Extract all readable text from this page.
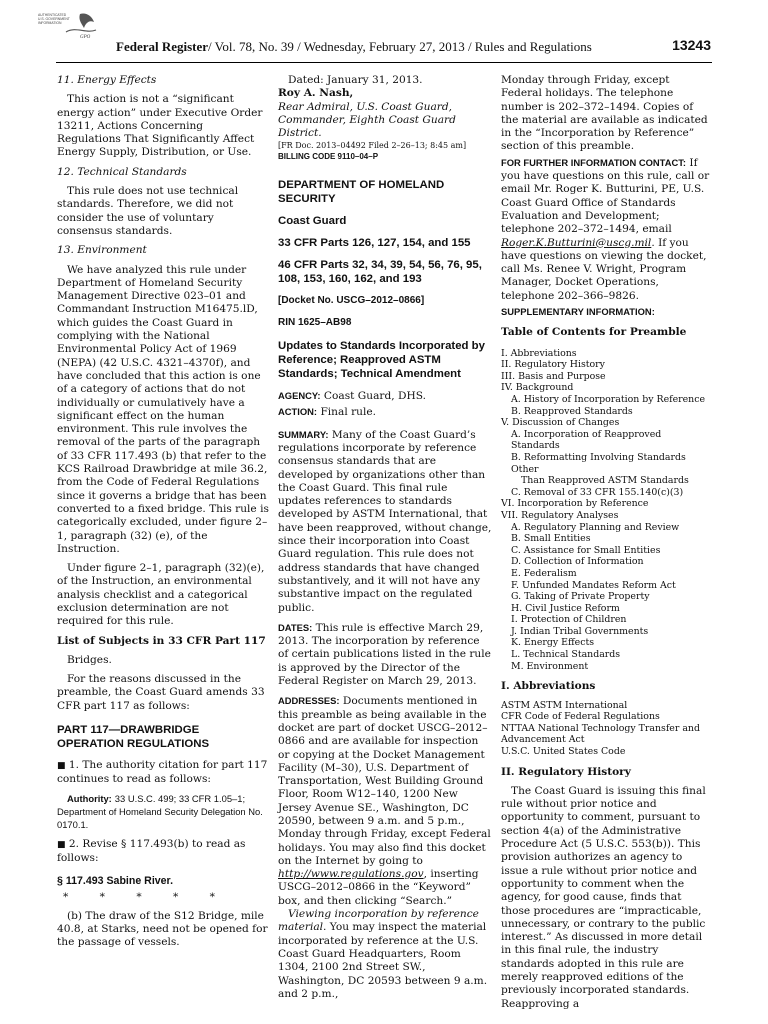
AUTHENTICATED
U.S. GOVERNMENT
INFORMATION
GPO
Federal Register/ Vol. 78, No. 39 / Wednesday, February 27, 2013 / Rules and Regulations	13243

11. Energy Effects

This action is not a “significant energy action” under Executive Order 13211, Actions Concerning Regulations That Significantly Affect Energy Supply, Distribution, or Use.

12. Technical Standards

This rule does not use technical standards. Therefore, we did not consider the use of voluntary consensus standards.

13. Environment

We have analyzed this rule under Department of Homeland Security Management Directive 023–01 and Commandant Instruction M16475.lD, which guides the Coast Guard in complying with the National Environmental Policy Act of 1969 (NEPA) (42 U.S.C. 4321–4370f), and have concluded that this action is one of a category of actions that do not individually or cumulatively have a significant effect on the human environment. This rule involves the removal of the parts of the paragraph of 33 CFR 117.493 (b) that refer to the KCS Railroad Drawbridge at mile 36.2, from the Code of Federal Regulations since it governs a bridge that has been converted to a fixed bridge. This rule is categorically excluded, under figure 2–1, paragraph (32) (e), of the Instruction.

Under figure 2–1, paragraph (32)(e), of the Instruction, an environmental analysis checklist and a categorical exclusion determination are not required for this rule.

List of Subjects in 33 CFR Part 117

Bridges.

For the reasons discussed in the preamble, the Coast Guard amends 33 CFR part 117 as follows:

PART 117—DRAWBRIDGE OPERATION REGULATIONS

■ 1. The authority citation for part 117 continues to read as follows:

Authority: 33 U.S.C. 499; 33 CFR 1.05–1; Department of Homeland Security Delegation No. 0170.1.

■ 2. Revise § 117.493(b) to read as follows:

§ 117.493 Sabine River.

* * * * *

(b) The draw of the S12 Bridge, mile 40.8, at Starks, need not be opened for the passage of vessels.

Dated: January 31, 2013.

Roy A. Nash,

Rear Admiral, U.S. Coast Guard, Commander, Eighth Coast Guard District.

[FR Doc. 2013–04492 Filed 2–26–13; 8:45 am]

BILLING CODE 9110–04–P

DEPARTMENT OF HOMELAND SECURITY

Coast Guard

33 CFR Parts 126, 127, 154, and 155

46 CFR Parts 32, 34, 39, 54, 56, 76, 95, 108, 153, 160, 162, and 193

[Docket No. USCG–2012–0866]

RIN 1625–AB98

Updates to Standards Incorporated by Reference; Reapproved ASTM Standards; Technical Amendment

AGENCY: Coast Guard, DHS.

ACTION: Final rule.

SUMMARY: Many of the Coast Guard’s regulations incorporate by reference consensus standards that are developed by organizations other than the Coast Guard. This final rule updates references to standards developed by ASTM International, that have been reapproved, without change, since their incorporation into Coast Guard regulation. This rule does not address standards that have changed substantively, and it will not have any substantive impact on the regulated public.

DATES: This rule is effective March 29, 2013. The incorporation by reference of certain publications listed in the rule is approved by the Director of the Federal Register on March 29, 2013.

ADDRESSES: Documents mentioned in this preamble as being available in the docket are part of docket USCG–2012–0866 and are available for inspection or copying at the Docket Management Facility (M–30), U.S. Department of Transportation, West Building Ground Floor, Room W12–140, 1200 New Jersey Avenue SE., Washington, DC 20590, between 9 a.m. and 5 p.m., Monday through Friday, except Federal holidays. You may also find this docket on the Internet by going to http://www.regulations.gov, inserting USCG–2012–0866 in the “Keyword” box, and then clicking “Search.”

Viewing incorporation by reference material. You may inspect the material incorporated by reference at the U.S. Coast Guard Headquarters, Room 1304, 2100 2nd Street SW., Washington, DC 20593 between 9 a.m. and 2 p.m.,

Monday through Friday, except Federal holidays. The telephone number is 202–372–1494. Copies of the material are available as indicated in the “Incorporation by Reference” section of this preamble.

FOR FURTHER INFORMATION CONTACT: If you have questions on this rule, call or email Mr. Roger K. Butturini, PE, U.S. Coast Guard Office of Standards Evaluation and Development; telephone 202–372–1494, email Roger.K.Butturini@uscg.mil. If you have questions on viewing the docket, call Ms. Renee V. Wright, Program Manager, Docket Operations, telephone 202–366–9826.

SUPPLEMENTARY INFORMATION:

Table of Contents for Preamble

I. Abbreviations
II. Regulatory History
III. Basis and Purpose
IV. Background
A. History of Incorporation by Reference
B. Reapproved Standards
V. Discussion of Changes
A. Incorporation of Reapproved Standards
B. Reformatting Involving Standards Other
Than Reapproved ASTM Standards
C. Removal of 33 CFR 155.140(c)(3)
VI. Incorporation by Reference
VII. Regulatory Analyses
A. Regulatory Planning and Review
B. Small Entities
C. Assistance for Small Entities
D. Collection of Information
E. Federalism
F. Unfunded Mandates Reform Act
G. Taking of Private Property
H. Civil Justice Reform
I. Protection of Children
J. Indian Tribal Governments
K. Energy Effects
L. Technical Standards
M. Environment

I. Abbreviations

ASTM ASTM International
CFR Code of Federal Regulations
NTTAA National Technology Transfer and
Advancement Act
U.S.C. United States Code

II. Regulatory History

The Coast Guard is issuing this final rule without prior notice and opportunity to comment, pursuant to section 4(a) of the Administrative Procedure Act (5 U.S.C. 553(b)). This provision authorizes an agency to issue a rule without prior notice and opportunity to comment when the agency, for good cause, finds that those procedures are “impracticable, unnecessary, or contrary to the public interest.” As discussed in more detail in this final rule, the industry standards adopted in this rule are merely reapproved editions of the previously incorporated standards. Reapproving a
